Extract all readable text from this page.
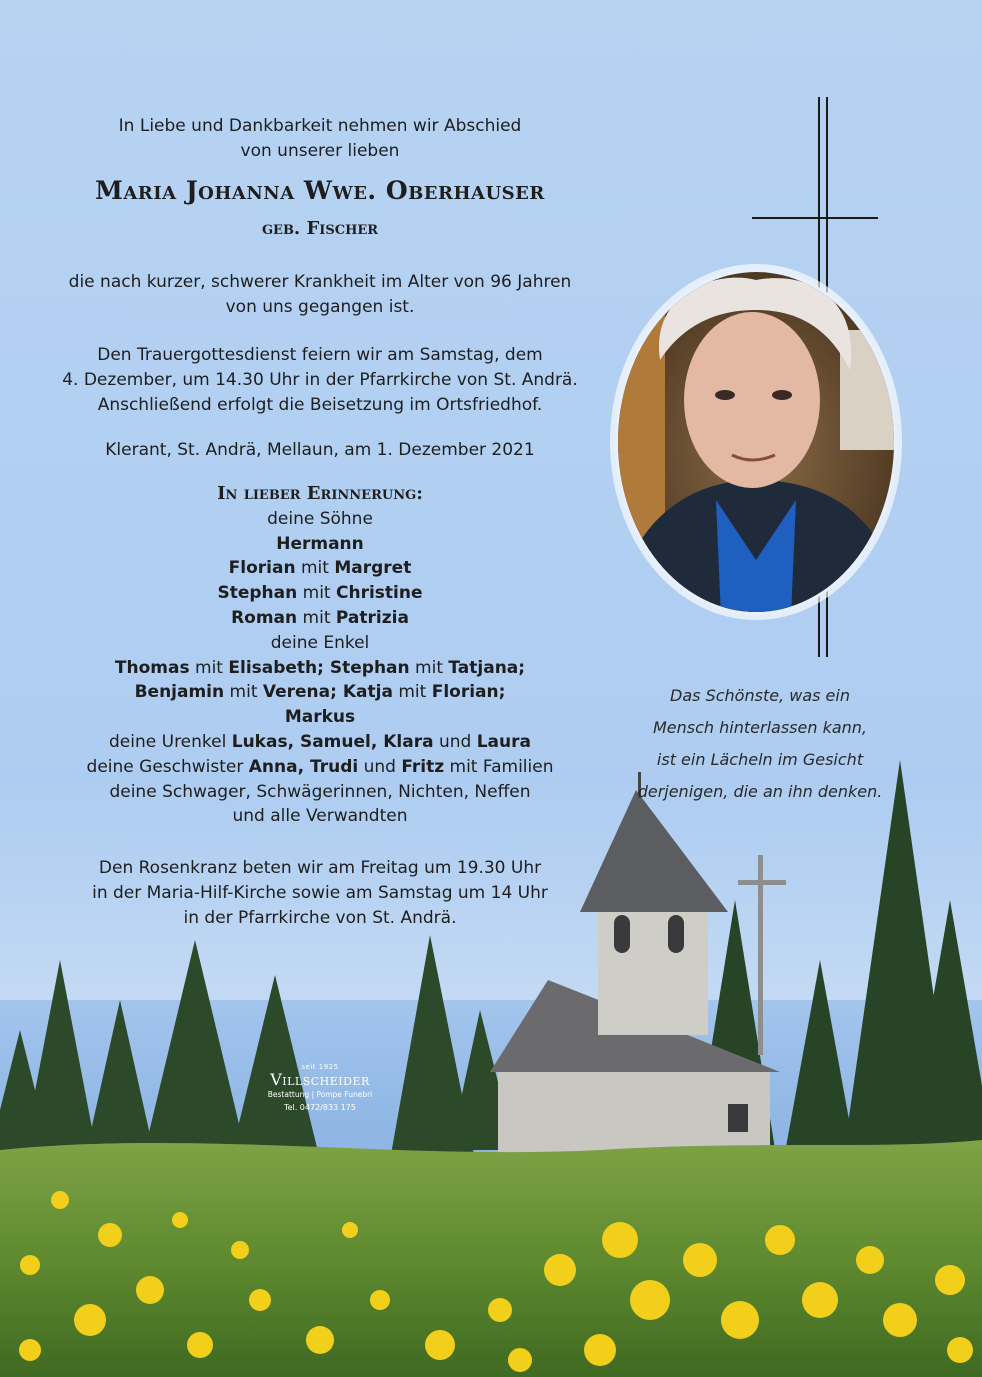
In Liebe und Dankbarkeit nehmen wir Abschied
von unserer lieben
Maria Johanna Wwe. Oberhauser
geb. Fischer
die nach kurzer, schwerer Krankheit im Alter von 96 Jahren
von uns gegangen ist.
Den Trauergottesdienst feiern wir am Samstag, dem
4. Dezember, um 14.30 Uhr in der Pfarrkirche von St. Andrä.
Anschließend erfolgt die Beisetzung im Ortsfriedhof.
Klerant, St. Andrä, Mellaun, am 1. Dezember 2021
In lieber Erinnerung:
deine Söhne
Hermann
Florian mit Margret
Stephan mit Christine
Roman mit Patrizia
deine Enkel
Thomas mit Elisabeth; Stephan mit Tatjana;
Benjamin mit Verena; Katja mit Florian;
Markus
deine Urenkel Lukas, Samuel, Klara und Laura
deine Geschwister Anna, Trudi und Fritz mit Familien
deine Schwager, Schwägerinnen, Nichten, Neffen
und alle Verwandten
Den Rosenkranz beten wir am Freitag um 19.30 Uhr
in der Maria-Hilf-Kirche sowie am Samstag um 14 Uhr
in der Pfarrkirche von St. Andrä.
Das Schönste, was ein
Mensch hinterlassen kann,
ist ein Lächeln im Gesicht
derjenigen, die an ihn denken.
seit 1925
Villscheider
Bestattung | Pompe Funebri
Tel. 0472/833 175
